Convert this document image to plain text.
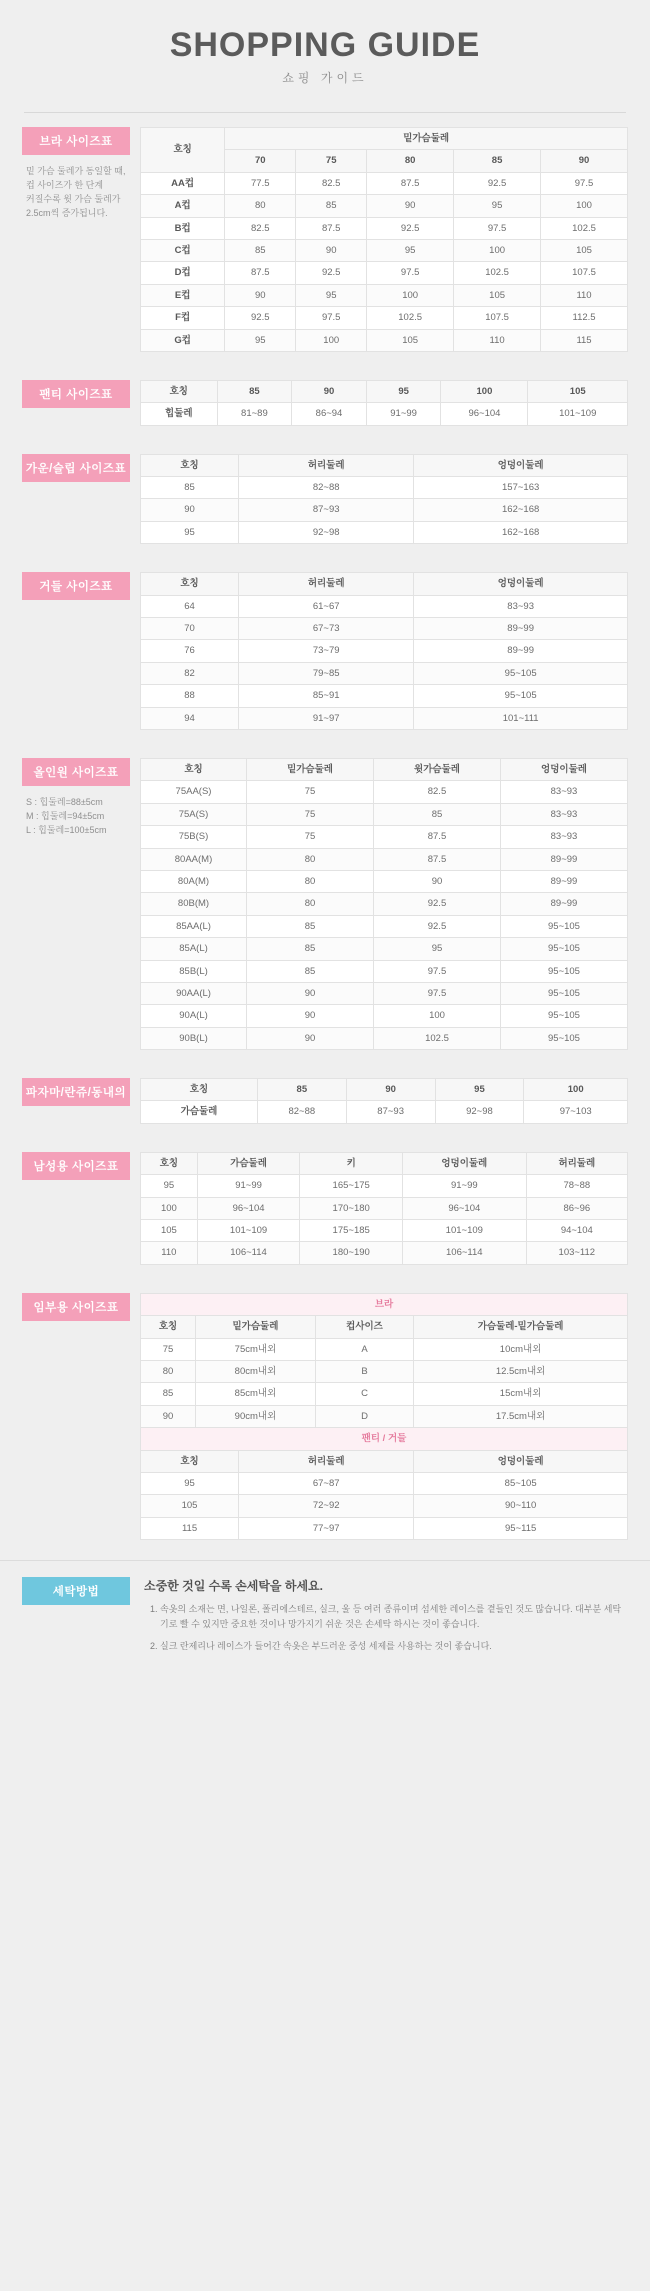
SHOPPING GUIDE
쇼핑 가이드
브라 사이즈표
밑 가슴 둘레가 동일할 때,
컵 사이즈가 한 단계
커질수록 윗 가슴 둘레가
2.5cm씩 증가됩니다.
호칭	밑가슴둘레				
	70	75	80	85	90
AA컵	77.5	82.5	87.5	92.5	97.5
A컵	80	85	90	95	100
B컵	82.5	87.5	92.5	97.5	102.5
C컵	85	90	95	100	105
D컵	87.5	92.5	97.5	102.5	107.5
E컵	90	95	100	105	110
F컵	92.5	97.5	102.5	107.5	112.5
G컵	95	100	105	110	115
팬티 사이즈표	호칭	85	90	95	100	105
힙둘레	81~89	86~94	91~99	96~104	101~109
가운/슬립 사이즈표	호칭	허리둘레	엉덩이둘레
85	82~88	157~163
90	87~93	162~168
95	92~98	162~168
거들 사이즈표	호칭	허리둘레	엉덩이둘레
64	61~67	83~93
70	67~73	89~99
76	73~79	89~99
82	79~85	95~105
88	85~91	95~105
94	91~97	101~111
올인원 사이즈표
S : 힙둘레=88±5cm
M : 힙둘레=94±5cm
L : 힙둘레=100±5cm
호칭	밑가슴둘레	윗가슴둘레	엉덩이둘레
75AA(S)	75	82.5	83~93
75A(S)	75	85	83~93
75B(S)	75	87.5	83~93
80AA(M)	80	87.5	89~99
80A(M)	80	90	89~99
80B(M)	80	92.5	89~99
85AA(L)	85	92.5	95~105
85A(L)	85	95	95~105
85B(L)	85	97.5	95~105
90AA(L)	90	97.5	95~105
90A(L)	90	100	95~105
90B(L)	90	102.5	95~105
파자마/란쥬/동내의	호칭	85	90	95	100
가슴둘레	82~88	87~93	92~98	97~103
남성용 사이즈표	호칭	가슴둘레	키	엉덩이둘레	허리둘레
95	91~99	165~175	91~99	78~88
100	96~104	170~180	96~104	86~96
105	101~109	175~185	101~109	94~104
110	106~114	180~190	106~114	103~112
임부용 사이즈표	브라			
호칭	밑가슴둘레	컵사이즈	가슴둘레-밑가슴둘레
75	75cm내외	A	10cm내외
80	80cm내외	B	12.5cm내외
85	85cm내외	C	15cm내외
90	90cm내외	D	17.5cm내외
팬티 / 거들		
호칭	허리둘레	엉덩이둘레
95	67~87	85~105
105	72~92	90~110
115	77~97	95~115
세탁방법	소중한 것일 수록 손세탁을 하세요.
1. 속옷의 소재는 면, 나일론, 폴리에스테르, 실크, 울 등 여러 종류이며 섬세한 레이스를 곁들인 것도 많습니다. 대부분 세탁기로 빨 수 있지만 중요한 것이나 망가지기 쉬운 것은 손세탁 하시는 것이 좋습니다.
2. 실크 란제리나 레이스가 들어간 속옷은 부드러운 중성 세제를 사용하는 것이 좋습니다.
